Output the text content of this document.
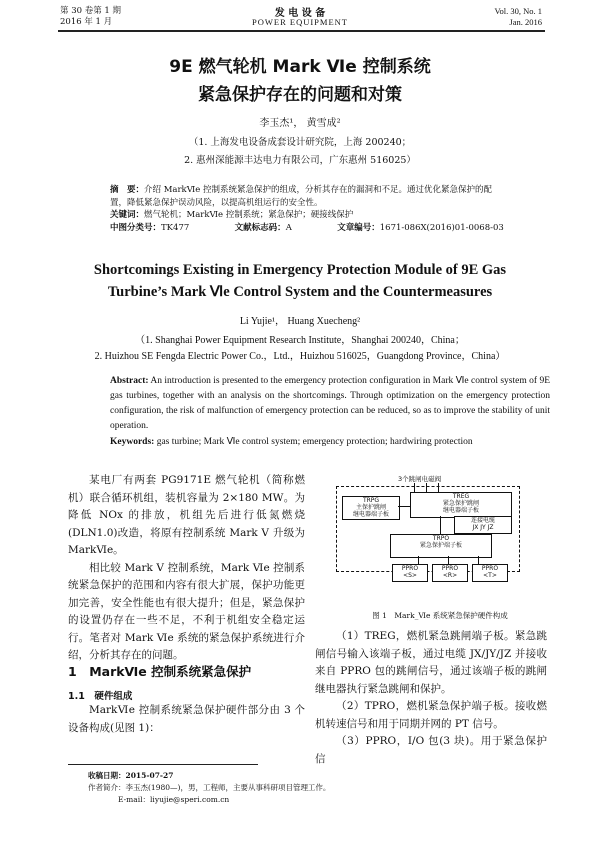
第 30 卷第 1 期
2016 年 1 月
发 电 设 备
POWER EQUIPMENT
Vol. 30, No. 1
Jan. 2016
9E 燃气轮机 Mark Ⅵe 控制系统
紧急保护存在的问题和对策
李玉杰¹， 黄雪成²
（1. 上海发电设备成套设计研究院，上海 200240；
2. 惠州深能源丰达电力有限公司，广东惠州 516025）
摘　要：介绍 MarkⅥe 控制系统紧急保护的组成，分析其存在的漏洞和不足。通过优化紧急保护的配
置，降低紧急保护误动风险，以提高机组运行的安全性。
关键词：燃气轮机；MarkⅥe 控制系统；紧急保护；硬接线保护
中图分类号：TK477	文献标志码：A	文章编号：1671-086X(2016)01-0068-03
Shortcomings Existing in Emergency Protection Module of 9E Gas
Turbine’s Mark Ⅵe Control System and the Countermeasures
Li Yujie¹， Huang Xuecheng²
（1. Shanghai Power Equipment Research Institute，Shanghai 200240，China；
2. Huizhou SE Fengda Electric Power Co.，Ltd.，Huizhou 516025，Guangdong Province，China）
Abstract: An introduction is presented to the emergency protection configuration in Mark Ⅵe control system of 9E gas turbines, together with an analysis on the shortcomings. Through optimization on the emergency protection configuration, the risk of malfunction of emergency protection can be reduced, so as to improve the stability of unit operation.
Keywords: gas turbine; Mark Ⅵe control system; emergency protection; hardwiring protection

某电厂有两套 PG9171E 燃气轮机（简称燃机）联合循环机组，装机容量为 2×180 MW。为降低 NOx 的排放，机组先后进行低氮燃烧(DLN1.0)改造，将原有控制系统 Mark Ⅴ 升级为 MarkⅥe。

相比较 Mark Ⅴ 控制系统，Mark Ⅵe 控制系统紧急保护的范围和内容有很大扩展，保护功能更加完善，安全性能也有很大提升；但是，紧急保护的设置仍存在一些不足，不利于机组安全稳定运行。笔者对 Mark Ⅵe 系统的紧急保护系统进行介绍，分析其存在的问题。

1　MarkⅥe 控制系统紧急保护
1.1　硬件组成

MarkⅥe 控制系统紧急保护硬件部分由 3 个设备构成(见图 1)：

3个跳闸电磁阀
TRPG
主保护跳闸
继电器端子板
TREG
紧急保护跳闸
继电器端子板
连接电缆
JX JY JZ
TRPO
紧急保护端子板
PPRO
<S>
PPRO
<R>
PPRO
<T>
图 1　Mark_Ⅵe 系统紧急保护硬件构成

（1）TREG，燃机紧急跳闸端子板。紧急跳闸信号输入该端子板，通过电缆 JX/JY/JZ 并接收来自 PPRO 包的跳闸信号，通过该端子板的跳闸继电器执行紧急跳闸和保护。

（2）TPRO，燃机紧急保护端子板。接收燃机转速信号和用于同期并网的 PT 信号。

（3）PPRO，I/O 包(3 块)。用于紧急保护信

收稿日期：2015-07-27
作者简介：李玉杰(1980—)，男，工程师，主要从事科研项目管理工作。
E-mail：liyujie@speri.com.cn
